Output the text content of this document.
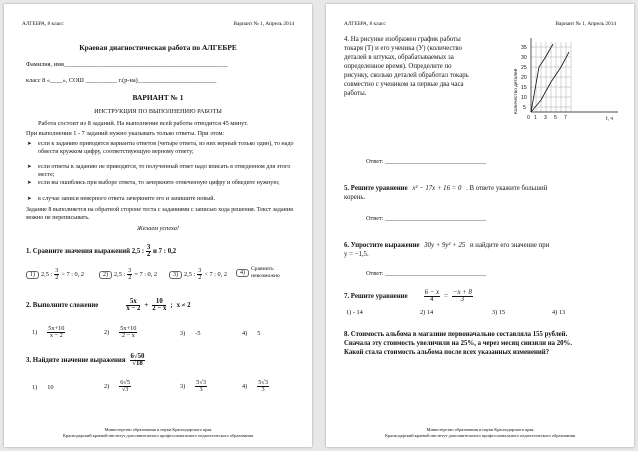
АЛГЕБРА, 8 класс	Вариант № 1, Апрель 2014
Краевая диагностическая работа по АЛГЕБРЕ
Фамилия, имя____________________________________________________
класс 8 «____», СОШ __________ г.(р-на)_________________________
ВАРИАНТ № 1
ИНСТРУКЦИЯ ПО ВЫПОЛНЕНИЮ РАБОТЫ
Работа состоит из 8 заданий. На выполнение всей работы отводится 45 минут.
При выполнении 1 - 7 заданий нужно указывать только ответы. При этом:
➤ если к заданию приводятся варианты ответов (четыре ответа, из них верный только один), то надо обвести кружком цифру, соответствующую верному ответу;
➤ если ответы к заданию не приводятся, то полученный ответ надо вписать в отведенном для этого месте;
➤ если вы ошиблись при выборе ответа, то зачеркните отмеченную цифру и обведите нужную;
➤ в случае записи неверного ответа зачеркните его и запишите новый.
Задание 8 выполняется на обратной стороне теста с заданиями с записью хода решения. Текст задания можно не переписывать.
Желаем успеха!
1. Сравните значения выражений 2,5 : $\frac{3}{2}$ и 7 : 0,2
1) 2,5 : $\frac{3}{2} > 7$ : 0, 2	2) 2,5 : $\frac{3}{2} = 7$ : 0, 2	3) 2,5 : $\frac{3}{2} < 7$ : 0, 2	4)
Сравнить невозможно
2. Выполните сложение	$\frac{5x}{x - 2} + \frac{10}{2 - x}$ ; x ≠ 2
$1) \frac{5x+10}{x - 2}$	$2) \frac{5x+10}{2 - x}$	3) -5	4) 5
3. Найдите значение выражения $\frac{6√50}{√18}$
1) 10	$2) \frac{6√5}{√3}$	$3) \frac{5√3}{3}$	$4) \frac{5√3}{3}$
Министерство образования и науки Краснодарского края
Краснодарский краевой институт дополнительного профессионального педагогического образования
АЛГЕБРА, 8 класс	Вариант № 1, Апрель 2014
4. На рисунке изображен график работы
токаря (Т) и его ученика (У) (количество
деталей в штуках, обрабатываемых за
определенное время). Определите по
рисунку, сколько деталей обработал токарь
совместно с учеником за первые два часа
работы.
5
10
15
20
25
30
35
0 1 3 5 7	t, ч
Количество деталей
Ответ: ________________________________
5. Решите уравнение x² − 17x + 16 = 0 . В ответе укажите больший
корень.
Ответ: ________________________________
6. Упростите выражение 30y + 9y² + 25 и найдите его значение при
y = −1,5.
Ответ: ________________________________
7. Решите уравнение $\frac{6 - x}{4} = \frac{-x + 8}{3}$
1) - 14	2) 14	3) 15	4) 13
8. Стоимость альбома в магазине первоначально составляла 155 рублей.
Сначала эту стоимость увеличили на 25%, а через месяц снизили на 20%.
Какой стала стоимость альбома после всех указанных изменений?
Министерство образования и науки Краснодарского края
Краснодарский краевой институт дополнительного профессионального педагогического образования
